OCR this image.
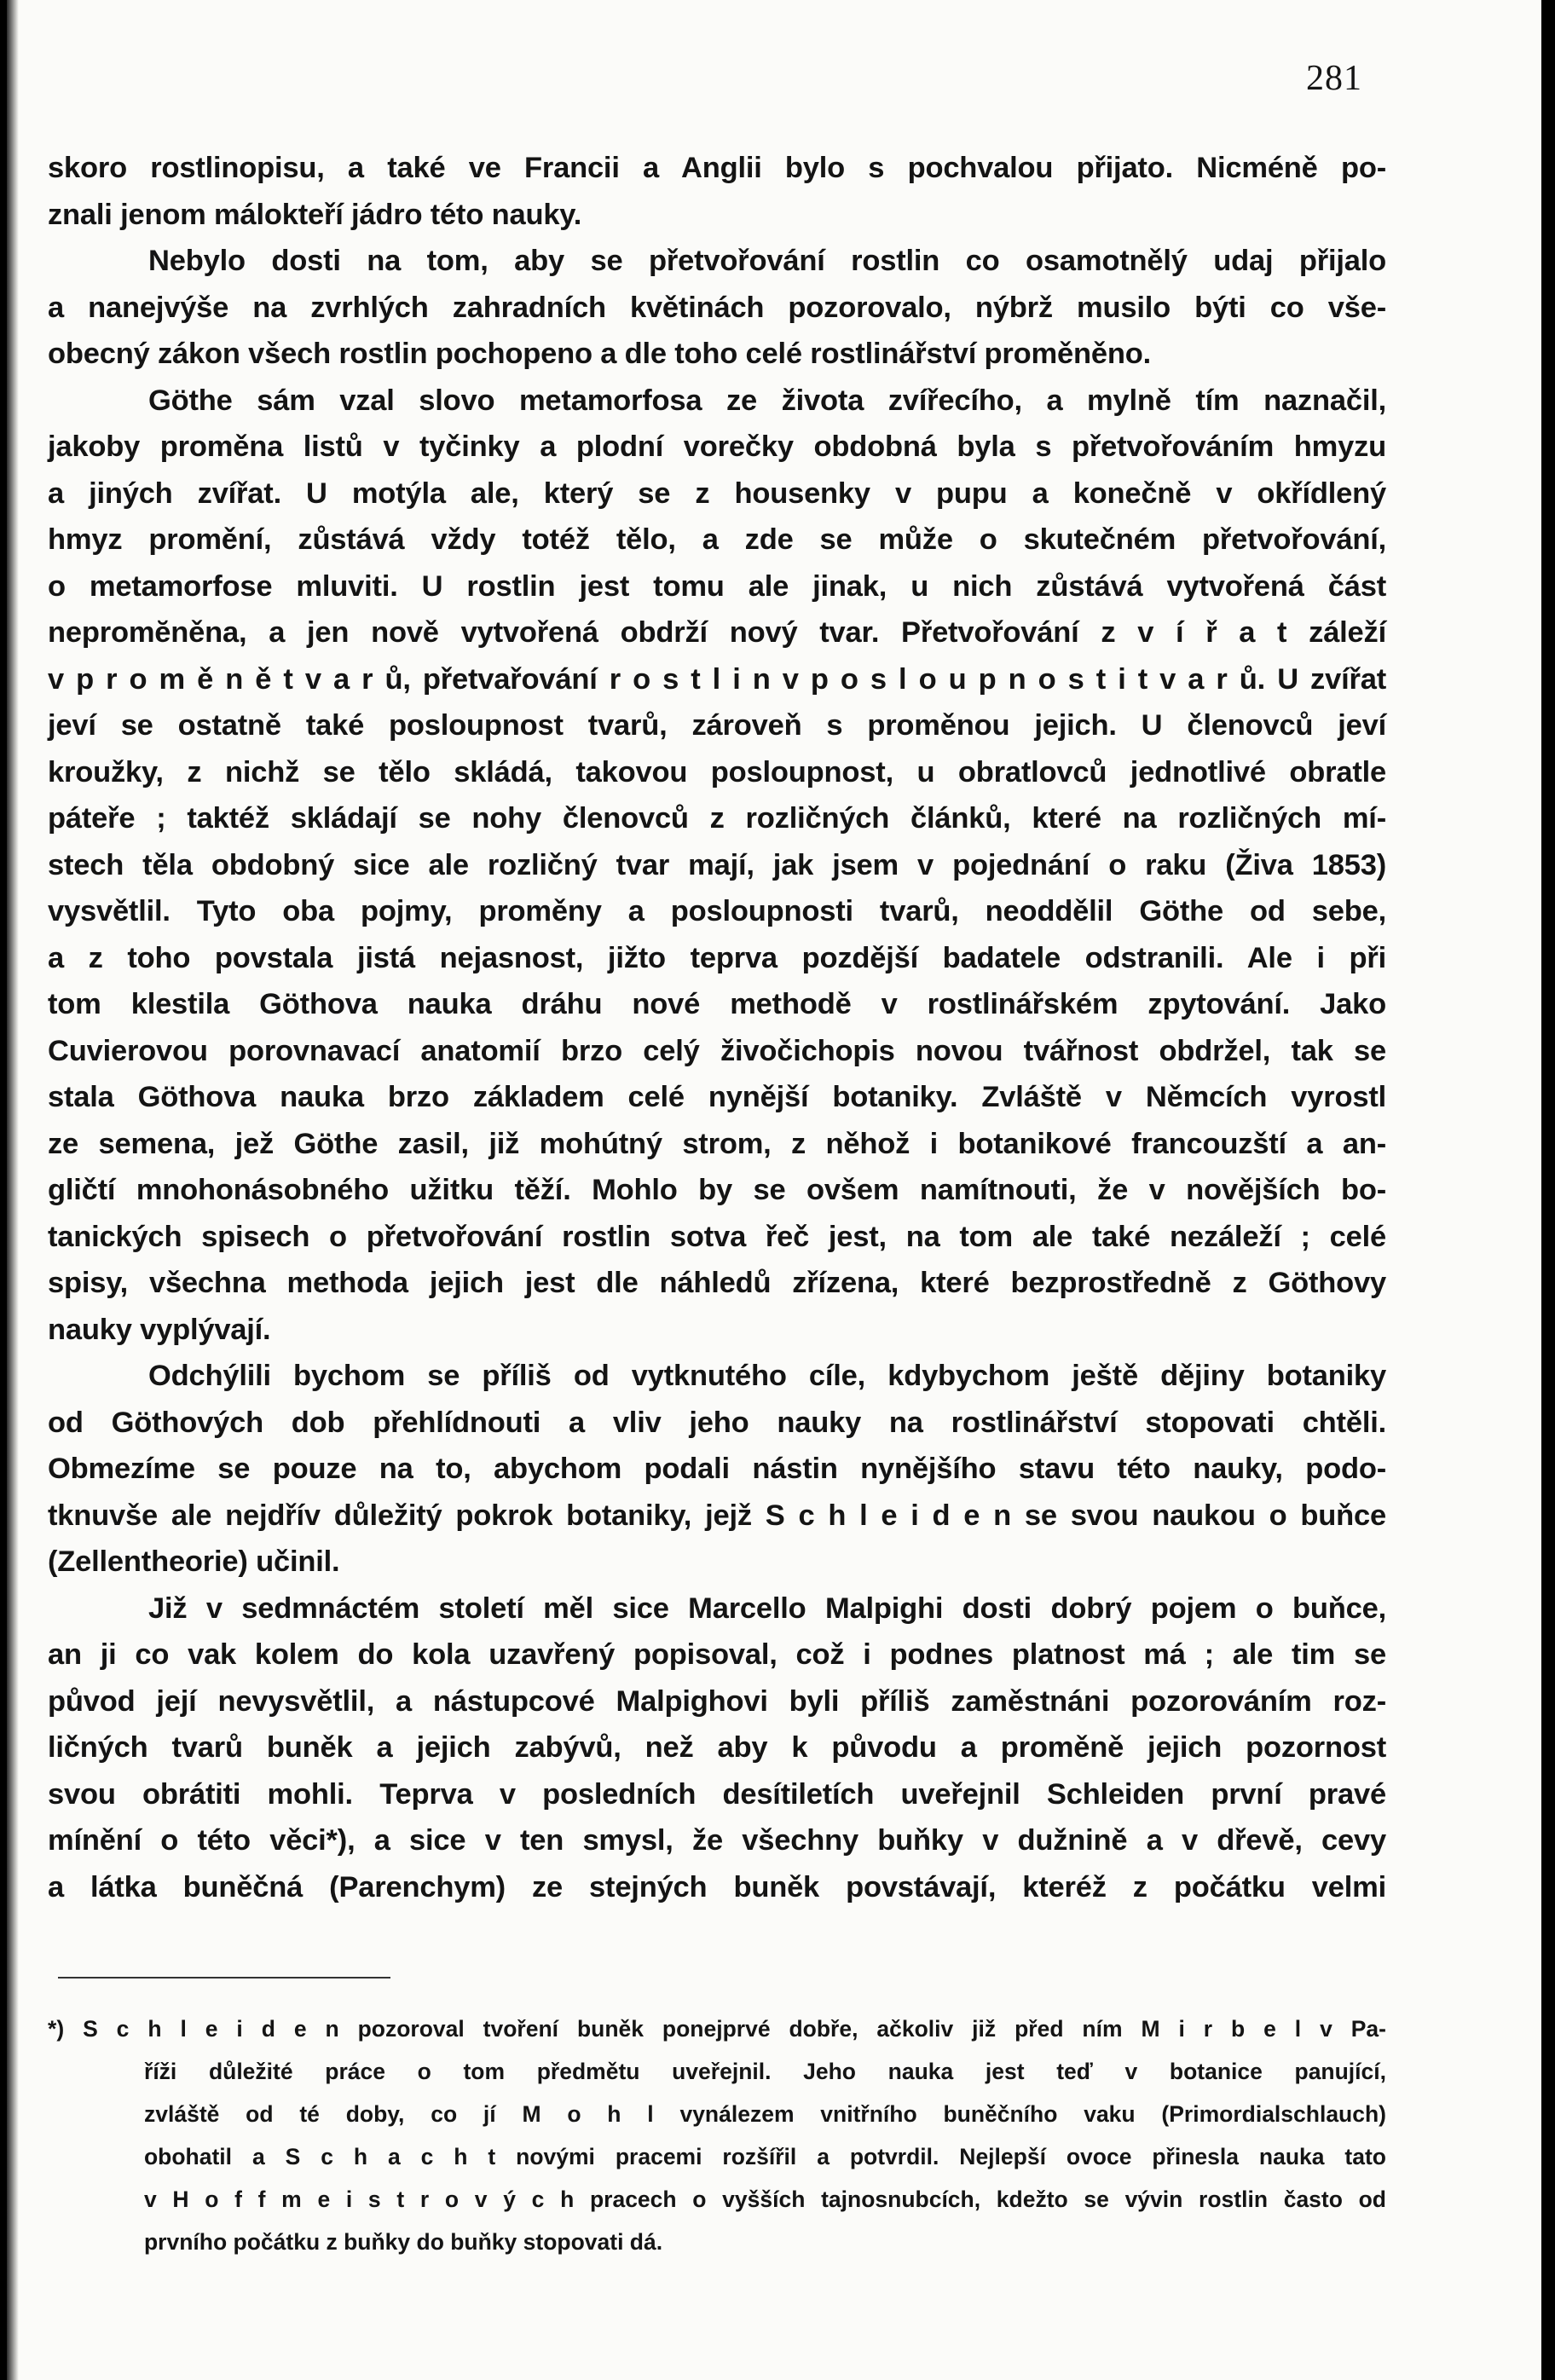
281
skoro rostlinopisu, a také ve Francii a Anglii bylo s pochvalou přijato. Nicméně po-
znali jenom málokteří jádro této nauky.
Nebylo dosti na tom, aby se přetvořování rostlin co osamotnělý udaj přijalo
a nanejvýše na zvrhlých zahradních květinách pozorovalo, nýbrž musilo býti co vše-
obecný zákon všech rostlin pochopeno a dle toho celé rostlinářství proměněno.
Göthe sám vzal slovo metamorfosa ze života zvířecího, a mylně tím naznačil,
jakoby proměna listů v tyčinky a plodní vorečky obdobná byla s přetvořováním hmyzu
a jiných zvířat. U motýla ale, který se z housenky v pupu a konečně v okřídlený
hmyz promění, zůstává vždy totéž tělo, a zde se může o skutečném přetvořování,
o metamorfose mluviti. U rostlin jest tomu ale jinak, u nich zůstává vytvořená část
nepromĕněna, a jen nově vytvořená obdrží nový tvar. Přetvořování z v í ř a t záleží
v p r o m ě n ě t v a r ů, přetvařování r o s t l i n v p o s l o u p n o s t i t v a r ů. U zvířat
jeví se ostatně také posloupnost tvarů, zároveň s proměnou jejich. U členovců jeví
kroužky, z nichž se tělo skládá, takovou posloupnost, u obratlovců jednotlivé obratle
páteře ; taktéž skládají se nohy členovců z rozličných článků, které na rozličných mí-
stech těla obdobný sice ale rozličný tvar mají, jak jsem v pojednání o raku (Živa 1853)
vysvětlil. Tyto oba pojmy, proměny a posloupnosti tvarů, neoddělil Göthe od sebe,
a z toho povstala jistá nejasnost, jižto teprva pozdější badatele odstranili. Ale i při
tom klestila Göthova nauka dráhu nové methodě v rostlinářském zpytování. Jako
Cuvierovou porovnavací anatomií brzo celý živočichopis novou tvářnost obdržel, tak se
stala Göthova nauka brzo základem celé nynější botaniky. Zvláště v Němcích vyrostl
ze semena, jež Göthe zasil, již mohútný strom, z něhož i botanikové francouzští a an-
gličtí mnohonásobného užitku těží. Mohlo by se ovšem namítnouti, že v novějších bo-
tanických spisech o přetvořování rostlin sotva řeč jest, na tom ale také nezáleží ; celé
spisy, všechna methoda jejich jest dle náhledů zřízena, které bezprostředně z Göthovy
nauky vyplývají.
Odchýlili bychom se příliš od vytknutého cíle, kdybychom ještě dějiny botaniky
od Göthových dob přehlídnouti a vliv jeho nauky na rostlinářství stopovati chtěli.
Obmezíme se pouze na to, abychom podali nástin nynějšího stavu této nauky, podo-
tknuvše ale nejdřív důležitý pokrok botaniky, jejž S c h l e i d e n se svou naukou o buňce
(Zellentheorie) učinil.
Již v sedmnáctém století měl sice Marcello Malpighi dosti dobrý pojem o buňce,
an ji co vak kolem do kola uzavřený popisoval, což i podnes platnost má ; ale tim se
původ její nevysvětlil, a nástupcové Malpighovi byli příliš zaměstnáni pozorováním roz-
ličných tvarů buněk a jejich zabývů, než aby k původu a proměně jejich pozornost
svou obrátiti mohli. Teprva v posledních desítiletích uveřejnil Schleiden první pravé
mínění o této věci*), a sice v ten smysl, že všechny buňky v dužnině a v dřevě, cevy
a látka buněčná (Parenchym) ze stejných buněk povstávají, kteréž z počátku velmi
*) S c h l e i d e n pozoroval tvoření buněk ponejprvé dobře, ačkoliv již před ním M i r b e l v Pa-
říži důležité práce o tom předmětu uveřejnil. Jeho nauka jest teď v botanice panující,
zvláště od té doby, co jí M o h l vynálezem vnitřního buněčního vaku (Primordialschlauch)
obohatil a S c h a c h t novými pracemi rozšířil a potvrdil. Nejlepší ovoce přinesla nauka tato
v H o f f m e i s t r o v ý c h pracech o vyšších tajnosnubcích, kdežto se vývin rostlin často od
prvního počátku z buňky do buňky stopovati dá.
